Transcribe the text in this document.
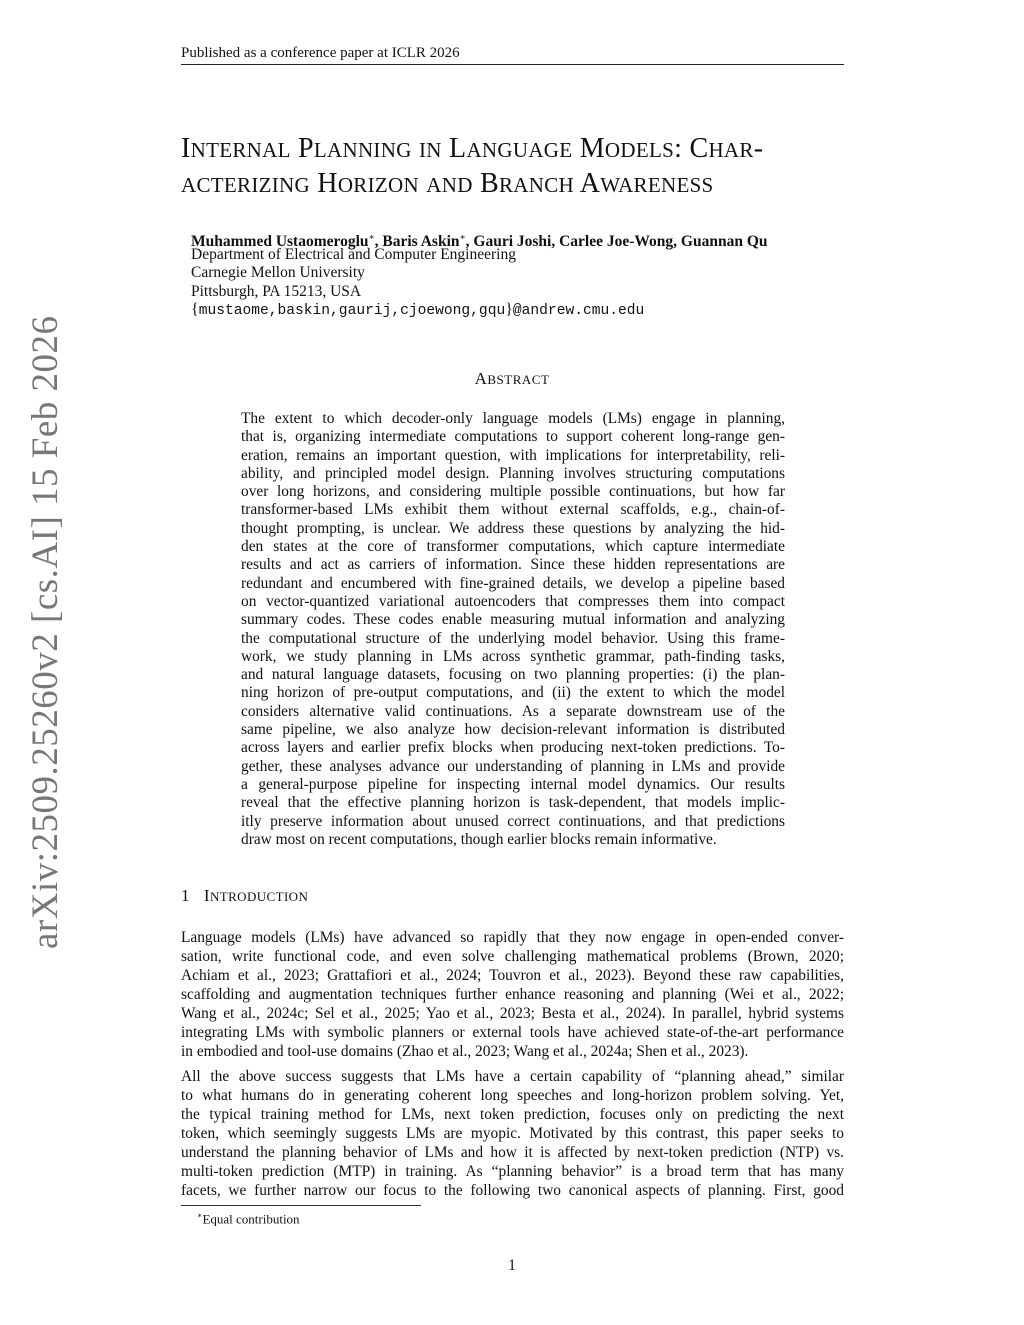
Published as a conference paper at ICLR 2026
arXiv:2509.25260v2 [cs.AI] 15 Feb 2026
INTERNAL PLANNING IN LANGUAGE MODELS: CHAR-
ACTERIZING HORIZON AND BRANCH AWARENESS
Muhammed Ustaomeroglu∗, Baris Askin∗, Gauri Joshi, Carlee Joe-Wong, Guannan Qu
Department of Electrical and Computer Engineering
Carnegie Mellon University
Pittsburgh, PA 15213, USA
{mustaome,baskin,gaurij,cjoewong,gqu}@andrew.cmu.edu
ABSTRACT
The extent to which decoder-only language models (LMs) engage in planning,
that is, organizing intermediate computations to support coherent long-range gen-
eration, remains an important question, with implications for interpretability, reli-
ability, and principled model design. Planning involves structuring computations
over long horizons, and considering multiple possible continuations, but how far
transformer-based LMs exhibit them without external scaffolds, e.g., chain-of-
thought prompting, is unclear. We address these questions by analyzing the hid-
den states at the core of transformer computations, which capture intermediate
results and act as carriers of information. Since these hidden representations are
redundant and encumbered with fine-grained details, we develop a pipeline based
on vector-quantized variational autoencoders that compresses them into compact
summary codes. These codes enable measuring mutual information and analyzing
the computational structure of the underlying model behavior. Using this frame-
work, we study planning in LMs across synthetic grammar, path-finding tasks,
and natural language datasets, focusing on two planning properties: (i) the plan-
ning horizon of pre-output computations, and (ii) the extent to which the model
considers alternative valid continuations. As a separate downstream use of the
same pipeline, we also analyze how decision-relevant information is distributed
across layers and earlier prefix blocks when producing next-token predictions. To-
gether, these analyses advance our understanding of planning in LMs and provide
a general-purpose pipeline for inspecting internal model dynamics. Our results
reveal that the effective planning horizon is task-dependent, that models implic-
itly preserve information about unused correct continuations, and that predictions
draw most on recent computations, though earlier blocks remain informative.
1 INTRODUCTION
Language models (LMs) have advanced so rapidly that they now engage in open-ended conver-
sation, write functional code, and even solve challenging mathematical problems (Brown, 2020;
Achiam et al., 2023; Grattafiori et al., 2024; Touvron et al., 2023). Beyond these raw capabilities,
scaffolding and augmentation techniques further enhance reasoning and planning (Wei et al., 2022;
Wang et al., 2024c; Sel et al., 2025; Yao et al., 2023; Besta et al., 2024). In parallel, hybrid systems
integrating LMs with symbolic planners or external tools have achieved state-of-the-art performance
in embodied and tool-use domains (Zhao et al., 2023; Wang et al., 2024a; Shen et al., 2023).
All the above success suggests that LMs have a certain capability of “planning ahead,” similar
to what humans do in generating coherent long speeches and long-horizon problem solving. Yet,
the typical training method for LMs, next token prediction, focuses only on predicting the next
token, which seemingly suggests LMs are myopic. Motivated by this contrast, this paper seeks to
understand the planning behavior of LMs and how it is affected by next-token prediction (NTP) vs.
multi-token prediction (MTP) in training. As “planning behavior” is a broad term that has many
facets, we further narrow our focus to the following two canonical aspects of planning. First, good
∗Equal contribution
1
